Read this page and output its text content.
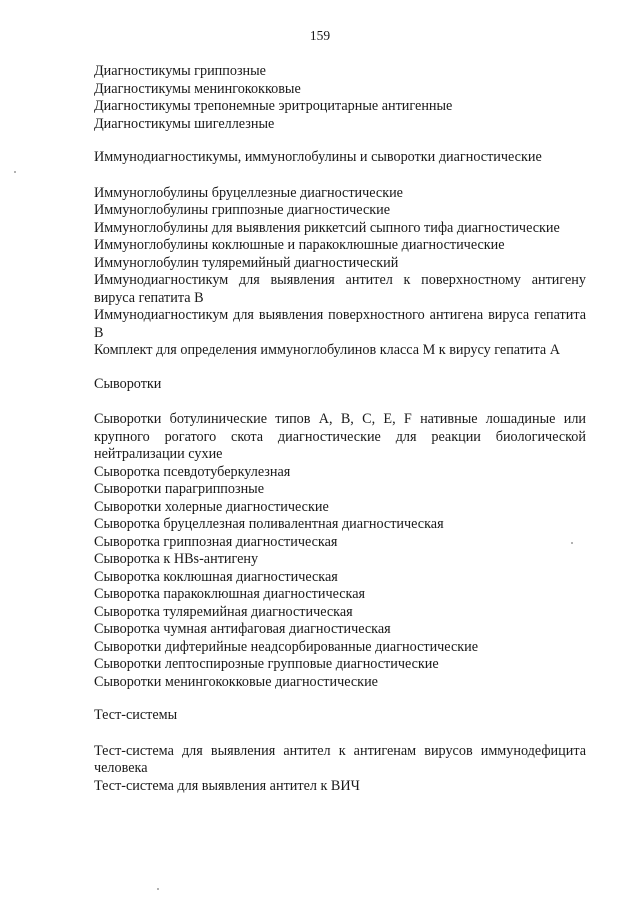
159
Диагностикумы гриппозные
Диагностикумы менингококковые
Диагностикумы трепонемные эритроцитарные антигенные
Диагностикумы шигеллезные
Иммунодиагностикумы, иммуноглобулины и сыворотки диагностические
Иммуноглобулины бруцеллезные диагностические
Иммуноглобулины гриппозные диагностические
Иммуноглобулины для выявления риккетсий сыпного тифа диагностические
Иммуноглобулины коклюшные и паракоклюшные диагностические
Иммуноглобулин туляремийный диагностический
Иммунодиагностикум для выявления антител к поверхностному антигену вируса гепатита В
Иммунодиагностикум для выявления поверхностного антигена вируса гепатита В
Комплект для определения иммуноглобулинов класса М к вирусу гепатита А
Сыворотки
Сыворотки ботулинические типов А, В, С, Е, F нативные лошадиные или крупного рогатого скота диагностические для реакции биологической нейтрализации сухие
Сыворотка псевдотуберкулезная
Сыворотки парагриппозные
Сыворотки холерные диагностические
Сыворотка бруцеллезная поливалентная диагностическая
Сыворотка гриппозная диагностическая
Сыворотка к HBs-антигену
Сыворотка коклюшная диагностическая
Сыворотка паракоклюшная диагностическая
Сыворотка туляремийная диагностическая
Сыворотка чумная антифаговая диагностическая
Сыворотки дифтерийные неадсорбированные диагностические
Сыворотки лептоспирозные групповые диагностические
Сыворотки менингококковые диагностические
Тест-системы
Тест-система для выявления антител к антигенам вирусов иммунодефицита человека
Тест-система для выявления антител к ВИЧ
